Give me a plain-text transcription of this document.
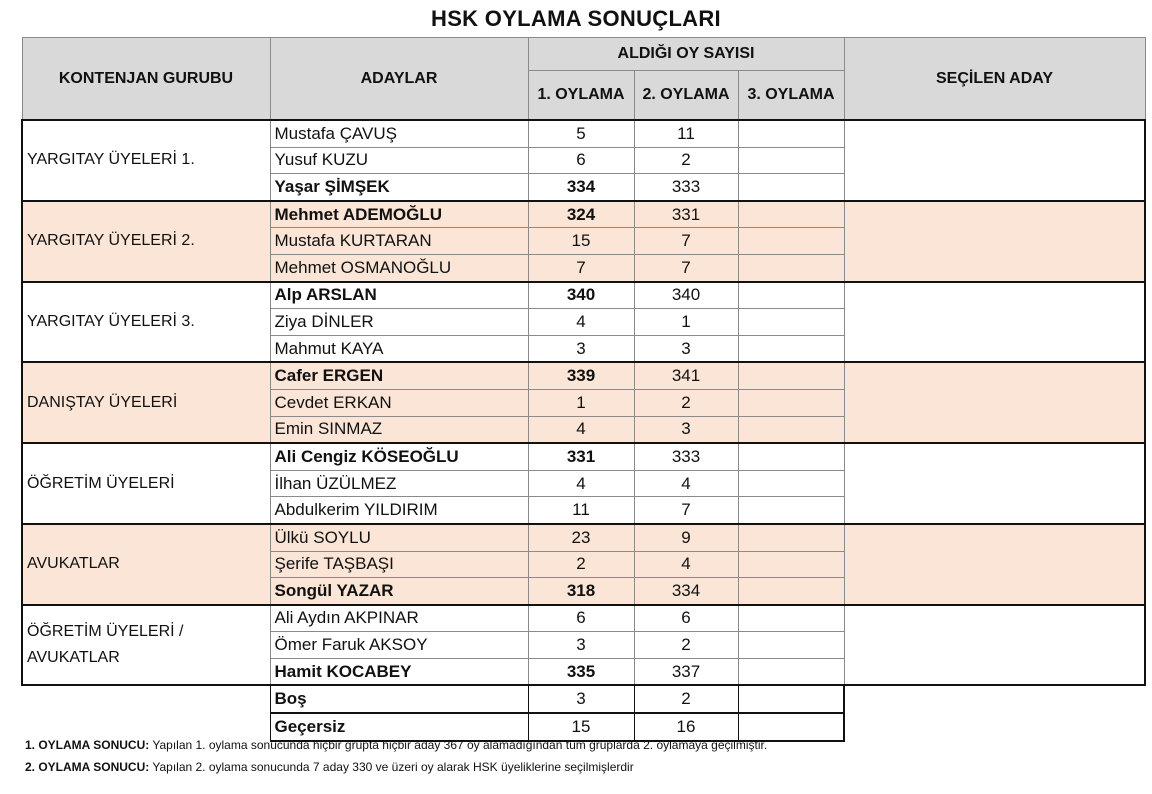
HSK OYLAMA SONUÇLARI
KONTENJAN GURUBU	ADAYLAR	ALDIĞI OY SAYISI			SEÇİLEN ADAY
		1. OYLAMA	2. OYLAMA	3. OYLAMA	
YARGITAY ÜYELERİ 1.	Mustafa ÇAVUŞ	5	11		
	Yusuf KUZU	6	2		
	Yaşar ŞİMŞEK	334	333		
YARGITAY ÜYELERİ 2.	Mehmet ADEMOĞLU	324	331		
	Mustafa KURTARAN	15	7		
	Mehmet OSMANOĞLU	7	7		
YARGITAY ÜYELERİ 3.	Alp ARSLAN	340	340		
	Ziya DİNLER	4	1		
	Mahmut KAYA	3	3		
DANIŞTAY ÜYELERİ	Cafer ERGEN	339	341		
	Cevdet ERKAN	1	2		
	Emin SINMAZ	4	3		
ÖĞRETİM ÜYELERİ	Ali Cengiz KÖSEOĞLU	331	333		
	İlhan ÜZÜLMEZ	4	4		
	Abdulkerim YILDIRIM	11	7		
AVUKATLAR	Ülkü SOYLU	23	9		
	Şerife TAŞBAŞI	2	4		
	Songül YAZAR	318	334		
ÖĞRETİM ÜYELERİ / AVUKATLAR	Ali Aydın AKPINAR	6	6		
	Ömer Faruk AKSOY	3	2		
	Hamit KOCABEY	335	337		
	Boş	3	2		
	Geçersiz	15	16		
1. OYLAMA SONUCU: Yapılan 1. oylama sonucunda hiçbir grupta hiçbir aday 367 oy alamadığından tüm gruplarda 2. oylamaya geçilmiştir.
2. OYLAMA SONUCU: Yapılan 2. oylama sonucunda 7 aday 330 ve üzeri oy alarak HSK üyeliklerine seçilmişlerdir
